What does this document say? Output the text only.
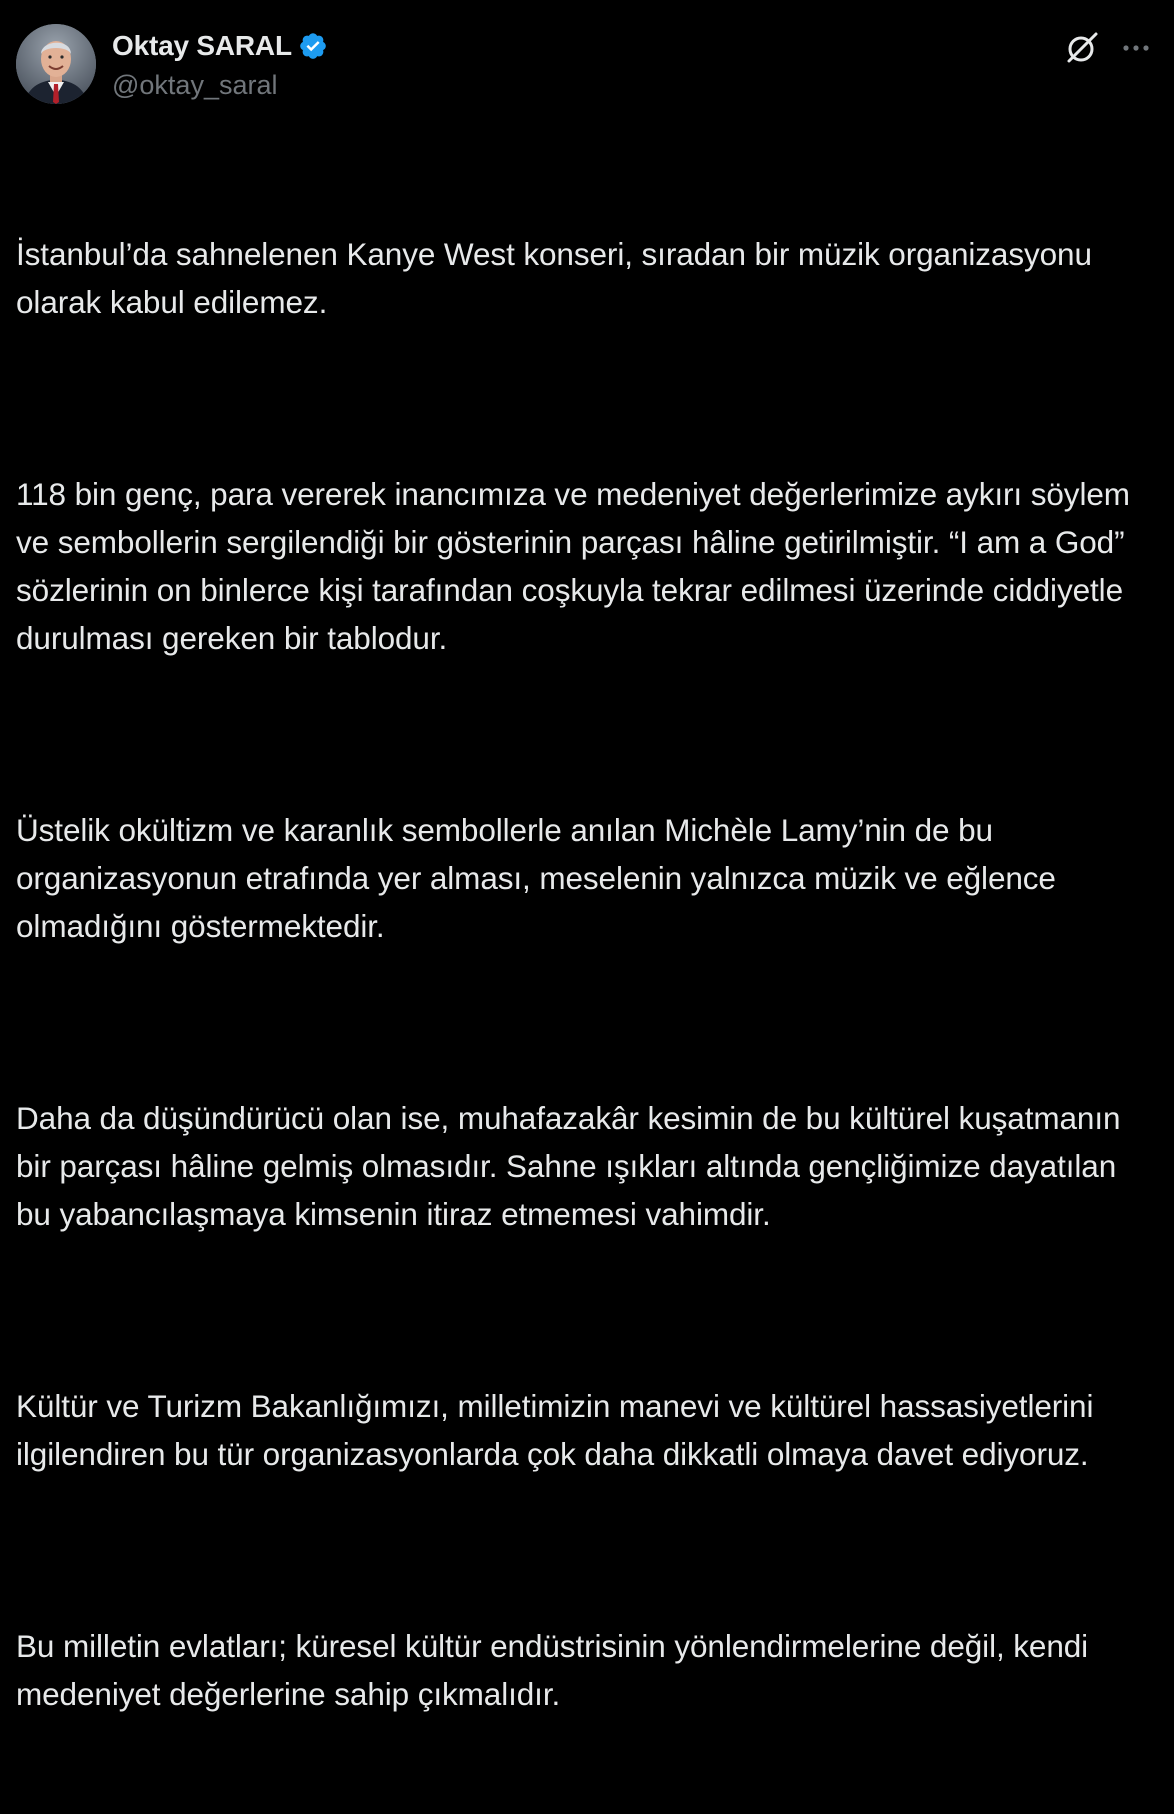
Oktay SARAL
@oktay_saral

İstanbul’da sahnelenen Kanye West konseri, sıradan bir müzik organizasyonu olarak kabul edilemez.

118 bin genç, para vererek inancımıza ve medeniyet değerlerimize aykırı söylem ve sembollerin sergilendiği bir gösterinin parçası hâline getirilmiştir. “I am a God” sözlerinin on binlerce kişi tarafından coşkuyla tekrar edilmesi üzerinde ciddiyetle durulması gereken bir tablodur.

Üstelik okültizm ve karanlık sembollerle anılan Michèle Lamy’nin de bu organizasyonun etrafında yer alması, meselenin yalnızca müzik ve eğlence olmadığını göstermektedir.

Daha da düşündürücü olan ise, muhafazakâr kesimin de bu kültürel kuşatmanın bir parçası hâline gelmiş olmasıdır. Sahne ışıkları altında gençliğimize dayatılan bu yabancılaşmaya kimsenin itiraz etmemesi vahimdir.

Kültür ve Turizm Bakanlığımızı, milletimizin manevi ve kültürel hassasiyetlerini ilgilendiren bu tür organizasyonlarda çok daha dikkatli olmaya davet ediyoruz.

Bu milletin evlatları; küresel kültür endüstrisinin yönlendirmelerine değil, kendi medeniyet değerlerine sahip çıkmalıdır.
